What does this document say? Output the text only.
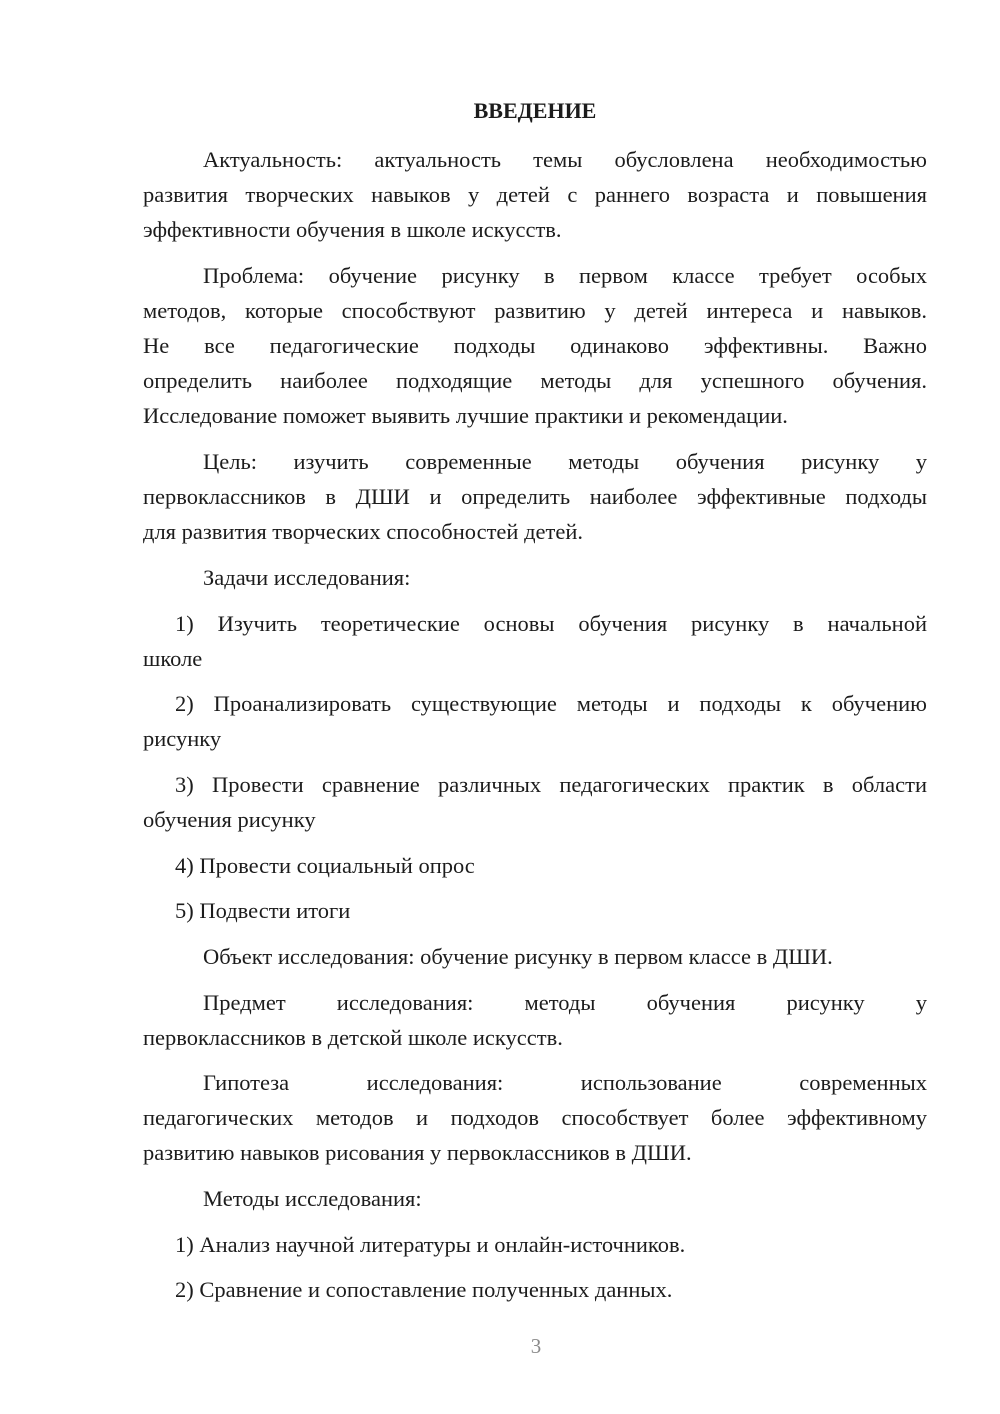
ВВЕДЕНИЕ
Актуальность: актуальность темы обусловлена необходимостью
развития творческих навыков у детей с раннего возраста и повышения
эффективности обучения в школе искусств.
Проблема: обучение рисунку в первом классе требует особых
методов, которые способствуют развитию у детей интереса и навыков.
Не все педагогические подходы одинаково эффективны. Важно
определить наиболее подходящие методы для успешного обучения.
Исследование поможет выявить лучшие практики и рекомендации.
Цель: изучить современные методы обучения рисунку у
первоклассников в ДШИ и определить наиболее эффективные подходы
для развития творческих способностей детей.
Задачи исследования:
1) Изучить теоретические основы обучения рисунку в начальной
школе
2) Проанализировать существующие методы и подходы к обучению
рисунку
3) Провести сравнение различных педагогических практик в области
обучения рисунку
4) Провести социальный опрос
5) Подвести итоги
Объект исследования: обучение рисунку в первом классе в ДШИ.
Предмет исследования: методы обучения рисунку у
первоклассников в детской школе искусств.
Гипотеза исследования: использование современных
педагогических методов и подходов способствует более эффективному
развитию навыков рисования у первоклассников в ДШИ.
Методы исследования:
1) Анализ научной литературы и онлайн-источников.
2) Сравнение и сопоставление полученных данных.
3
